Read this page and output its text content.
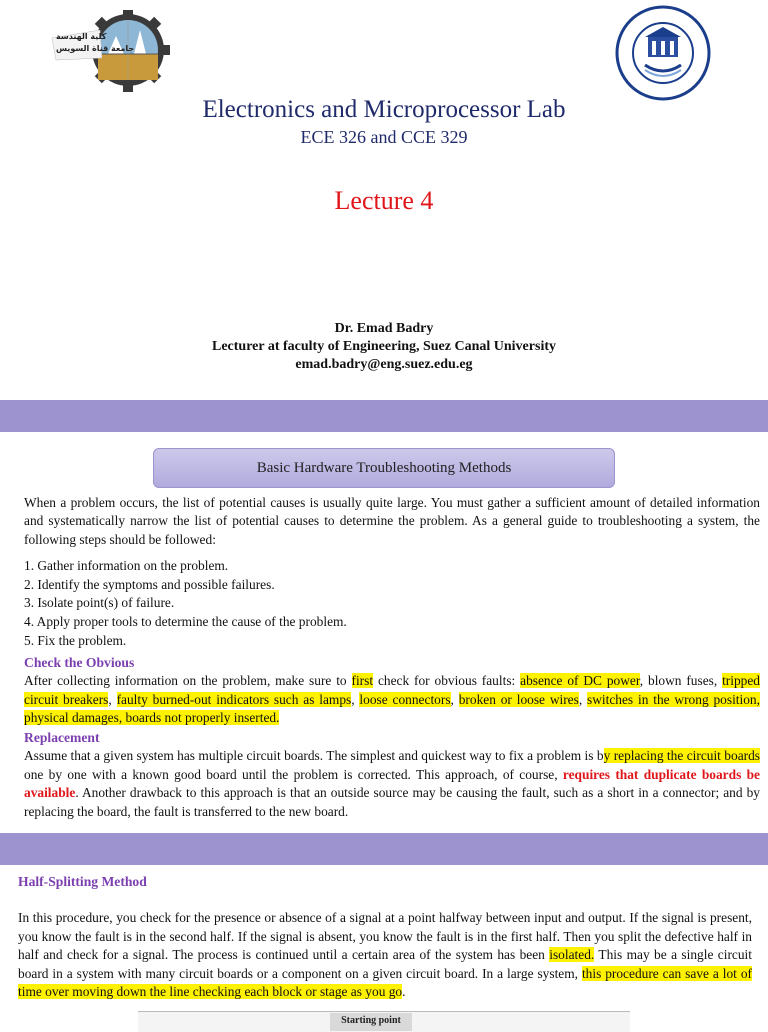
كلية الهندسة
جامعة قناة السويس

Electronics and Microprocessor Lab

ECE 326 and CCE 329

Lecture 4
Dr. Emad Badry
Lecturer at faculty of Engineering, Suez Canal University
emad.badry@eng.suez.edu.eg
Basic Hardware Troubleshooting Methods

When a problem occurs, the list of potential causes is usually quite large. You must gather a sufficient amount of detailed information and systematically narrow the list of potential causes to determine the problem. As a general guide to troubleshooting a system, the following steps should be followed:

1. Gather information on the problem.
2. Identify the symptoms and possible failures.
3. Isolate point(s) of failure.
4. Apply proper tools to determine the cause of the problem.
5. Fix the problem.
Check the Obvious

After collecting information on the problem, make sure to first check for obvious faults: absence of DC power, blown fuses, tripped circuit breakers, faulty burned-out indicators such as lamps, loose connectors, broken or loose wires, switches in the wrong position, physical damages, boards not properly inserted.

Replacement

Assume that a given system has multiple circuit boards. The simplest and quickest way to fix a problem is by replacing the circuit boards one by one with a known good board until the problem is corrected. This approach, of course, requires that duplicate boards be available. Another drawback to this approach is that an outside source may be causing the fault, such as a short in a connector; and by replacing the board, the fault is transferred to the new board.

Half-Splitting Method

In this procedure, you check for the presence or absence of a signal at a point halfway between input and output. If the signal is present, you know the fault is in the second half. If the signal is absent, you know the fault is in the first half. Then you split the defective half in half and check for a signal. The process is continued until a certain area of the system has been isolated. This may be a single circuit board in a system with many circuit boards or a component on a given circuit board. In a large system, this procedure can save a lot of time over moving down the line checking each block or stage as you go.

Starting point
